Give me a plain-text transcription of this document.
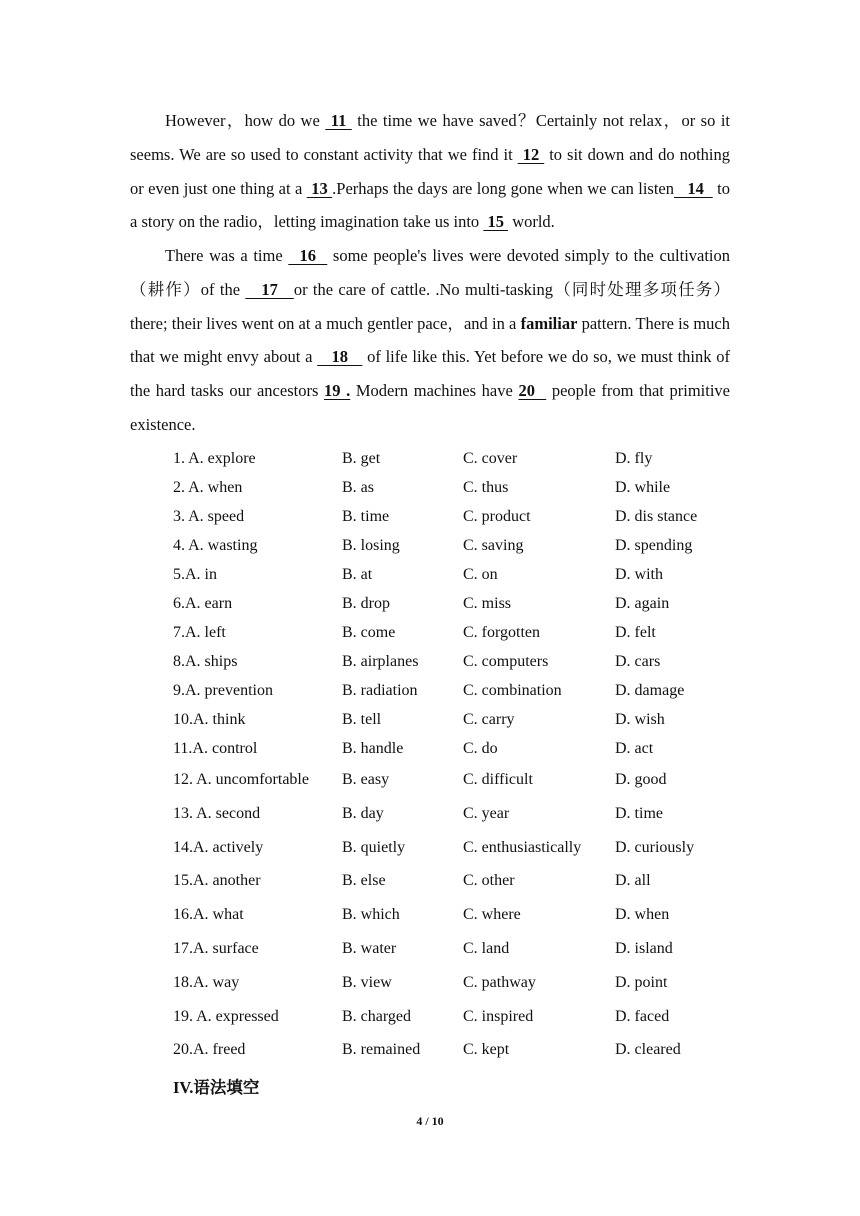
However，how do we  11  the time we have saved？Certainly not relax，or so it seems. We are so used to constant activity that we find it  12  to sit down and do nothing or even just one thing at a  13 .Perhaps the days are long gone when we can listen   14   to a story on the radio，letting imagination take us into  15  world.
There was a time   16   some people's lives were devoted simply to the cultivation（耕作）of the    17   or the care of cattle. .No multi-tasking（同时处理多项任务）there; their lives went on at a much gentler pace，and in a familiar pattern. There is much that we might envy about a    18    of life like this. Yet before we do so, we must think of the hard tasks our ancestors 19 . Modern machines have 20   people from that primitive existence.
1. A. explore	B. get	C. cover	D. fly
2. A. when	B. as	C. thus	D. while
3. A. speed	B. time	C. product	D. dis stance
4. A. wasting	B. losing	C. saving	D. spending
5.A. in	B. at	C. on	D. with
6.A. earn	B. drop	C. miss	D. again
7.A. left	B. come	C. forgotten	D. felt
8.A. ships	B. airplanes	C. computers	D. cars
9.A. prevention	B. radiation	C. combination	D. damage
10.A. think	B. tell	C. carry	D. wish
11.A. control	B. handle	C. do	D. act
12. A. uncomfortable B. easy	C. difficult	D. good
13. A. second	B. day	C. year	D. time
14.A. actively	B. quietly	C. enthusiastically D. curiously
15.A. another	B. else	C. other	D. all
16.A. what	B. which	C. where	D. when
17.A. surface	B. water	C. land	D. island
18.A. way	B. view	C. pathway	D. point
19. A. expressed	B. charged	C. inspired	D. faced
20.A. freed	B. remained	C. kept	D. cleared
IV.语法填空
4 / 10
